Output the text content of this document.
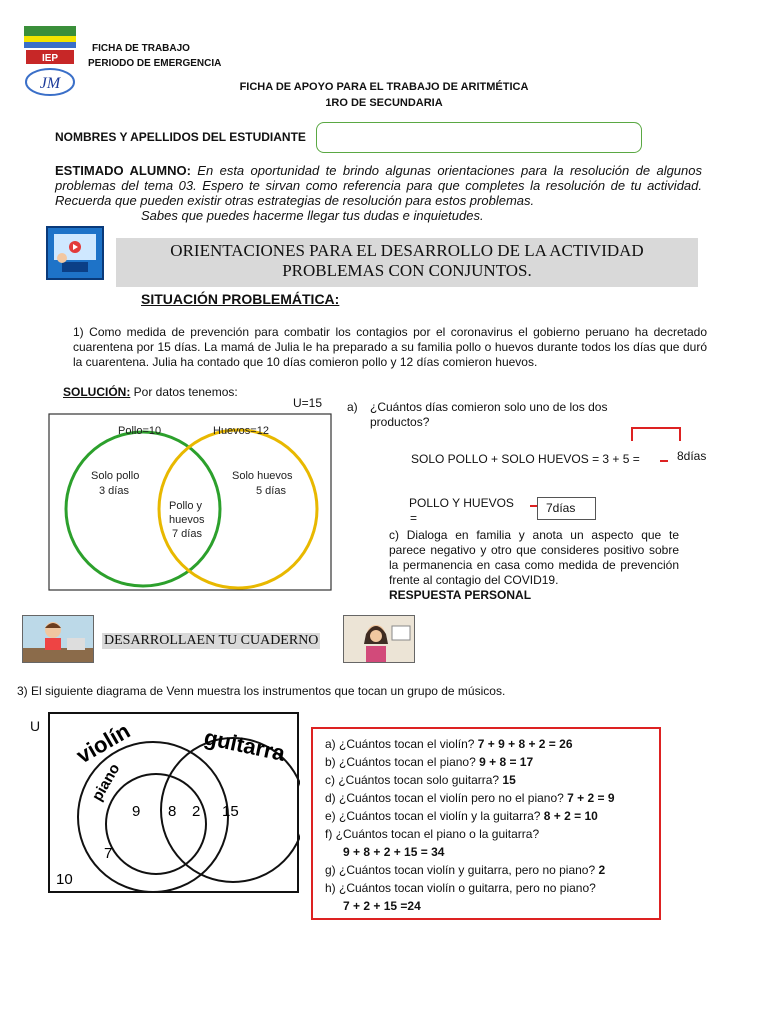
IEP
JM
FICHA DE TRABAJO
PERIODO DE EMERGENCIA
FICHA DE APOYO PARA EL TRABAJO DE ARITMÉTICA
1RO DE SECUNDARIA
NOMBRES Y APELLIDOS DEL ESTUDIANTE
ESTIMADO ALUMNO: En esta oportunidad te brindo algunas orientaciones para la resolución de algunos problemas del tema 03. Espero te sirvan como referencia para que completes la resolución de tu actividad. Recuerda que pueden existir otras estrategias de resolución para estos problemas.
Sabes que puedes hacerme llegar tus dudas e inquietudes.
ORIENTACIONES PARA EL DESARROLLO DE LA ACTIVIDAD
PROBLEMAS CON CONJUNTOS.
SITUACIÓN PROBLEMÁTICA:
1) Como medida de prevención para combatir los contagios por el coronavirus el gobierno peruano ha decretado cuarentena por 15 días. La mamá de Julia le ha preparado a su familia pollo o huevos durante todos los días que duró la cuarentena. Julia ha contado que 10 días comieron pollo y 12 días comieron huevos.
SOLUCIÓN: Por datos tenemos:
U=15
Pollo=10	Huevos=12
Solo pollo
3 días
Solo huevos
5 días
Pollo y
huevos
7 días
a) ¿Cuántos días comieron solo uno de los dos productos?
SOLO POLLO + SOLO HUEVOS = 3 + 5 =	8días
POLLO Y HUEVOS
=
7días
c) Dialoga en familia y anota un aspecto que te parece negativo y otro que consideres positivo sobre la permanencia en casa como medida de prevención frente al contagio del COVID19.
RESPUESTA PERSONAL
DESARROLLAEN TU CUADERNO
3) El siguiente diagrama de Venn muestra los instrumentos que tocan un grupo de músicos.
U violín	guitarra
piano
9 8 2 15
7
10
a) ¿Cuántos tocan el violín? 7 + 9 + 8 + 2 = 26
b) ¿Cuántos tocan el piano? 9 + 8 = 17
c) ¿Cuántos tocan solo guitarra? 15
d) ¿Cuántos tocan el violín pero no el piano? 7 + 2 = 9
e) ¿Cuántos tocan el violín y la guitarra? 8 + 2 = 10
f) ¿Cuántos tocan el piano o la guitarra?
9 + 8 + 2 + 15 = 34
g) ¿Cuántos tocan violín y guitarra, pero no piano? 2
h) ¿Cuántos tocan violín o guitarra, pero no piano?
7 + 2 + 15 =24
